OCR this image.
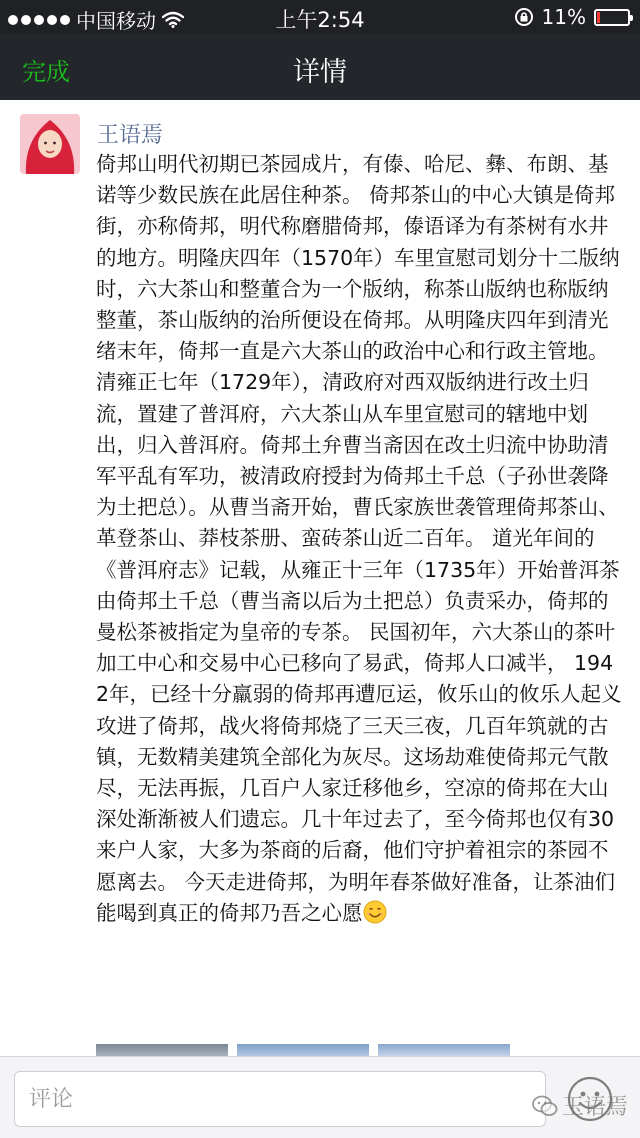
中国移动	上午2:54	11%
完成	详情
王语焉
倚邦山明代初期已茶园成片，有傣、哈尼、彝、布朗、基诺等少数民族在此居住种茶。 倚邦茶山的中心大镇是倚邦街，亦称倚邦，明代称磨腊倚邦，傣语译为有茶树有水井的地方。明隆庆四年（1570年）车里宣慰司划分十二版纳时，六大茶山和整董合为一个版纳，称茶山版纳也称版纳整董，茶山版纳的治所便设在倚邦。从明隆庆四年到清光绪末年，倚邦一直是六大茶山的政治中心和行政主管地。清雍正七年（1729年），清政府对西双版纳进行改土归流，置建了普洱府，六大茶山从车里宣慰司的辖地中划出，归入普洱府。倚邦土弁曹当斋因在改土归流中协助清军平乱有军功，被清政府授封为倚邦土千总（子孙世袭降为土把总）。从曹当斋开始，曹氏家族世袭管理倚邦茶山、革登茶山、莽枝茶册、蛮砖茶山近二百年。 道光年间的《普洱府志》记载，从雍正十三年（1735年）开始普洱茶由倚邦土千总（曹当斋以后为土把总）负责采办，倚邦的曼松茶被指定为皇帝的专茶。 民国初年，六大茶山的茶叶加工中心和交易中心已移向了易武，倚邦人口减半， 1942年，已经十分羸弱的倚邦再遭厄运，攸乐山的攸乐人起义攻进了倚邦，战火将倚邦烧了三天三夜，几百年筑就的古镇，无数精美建筑全部化为灰尽。这场劫难使倚邦元气散尽，无法再振，几百户人家迁移他乡，空凉的倚邦在大山深处渐渐被人们遗忘。几十年过去了，至今倚邦也仅有30来户人家，大多为茶商的后裔，他们守护着祖宗的茶园不愿离去。 今天走进倚邦，为明年春茶做好准备，让茶油们能喝到真正的倚邦乃吾之心愿
评论
玉语焉
